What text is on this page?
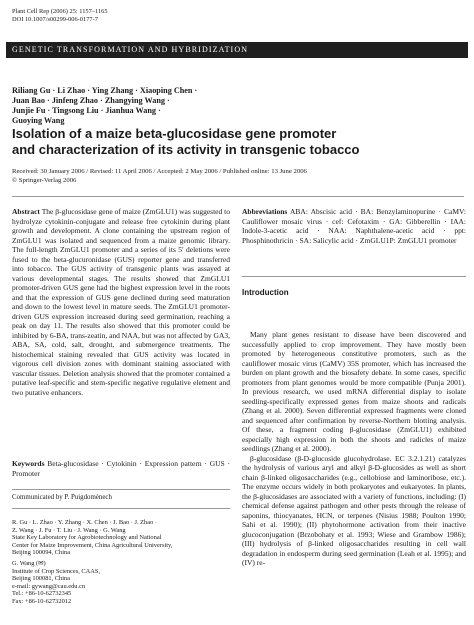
Plant Cell Rep (2006) 25: 1157–1165
DOI 10.1007/s00299-006-0177-7
GENETIC TRANSFORMATION AND HYBRIDIZATION
Riliang Gu · Li Zhao · Ying Zhang · Xiaoping Chen ·
Juan Bao · Jinfeng Zhao · Zhangying Wang ·
Junjie Fu · Tingsong Liu · Jianhua Wang ·
Guoying Wang
Isolation of a maize beta-glucosidase gene promoter
and characterization of its activity in transgenic tobacco
Received: 30 January 2006 / Revised: 11 April 2006 / Accepted: 2 May 2006 / Published online: 13 June 2006
© Springer-Verlag 2006
Abstract The β-glucosidase gene of maize (ZmGLU1) was suggested to hydrolyze cytokinin-conjugate and release free cytokinin during plant growth and development. A clone containing the upstream region of ZmGLU1 was isolated and sequenced from a maize genomic library. The full-length ZmGLU1 promoter and a series of its 5′ deletions were fused to the beta-glucuronidase (GUS) reporter gene and transferred into tobacco. The GUS activity of transgenic plants was assayed at various developmental stages. The results showed that ZmGLU1 promoter-driven GUS gene had the highest expression level in the roots and that the expression of GUS gene declined during seed maturation and down to the lowest level in mature seeds. The ZmGLU1 promoter-driven GUS expression increased during seed germination, reaching a peak on day 11. The results also showed that this promoter could be inhibited by 6-BA, trans-zeatin, and NAA, but was not affected by GA3, ABA, SA, cold, salt, drought, and submergence treatments. The histochemical staining revealed that GUS activity was located in vigorous cell division zones with dominant staining associated with vascular tissues. Deletion analysis showed that the promoter contained a putative leaf-specific and stem-specific negative regulative element and two putative enhancers.
Keywords Beta-glucosidase · Cytokinin · Expression pattern · GUS · Promoter
Communicated by P. Puigdomènech

R. Gu · L. Zhao · Y. Zhang · X. Chen · J. Bao · J. Zhao ·

Z. Wang · J. Fu · T. Liu · J. Wang · G. Wang

State Key Laboratory for Agrobiotechnology and National

Center for Maize Improvement, China Agricultural University,

Beijing 100094, China

G. Wang (✉)

Institute of Crop Sciences, CAAS,

Beijing 100081, China

e-mail: gywang@cau.edu.cn

Tel.: +86-10-62732345

Fax: +86-10-62732012

Abbreviations ABA: Abscisic acid · BA: Benzylaminopurine · CaMV: Cauliflower mosaic virus · cef: Cefotaxim · GA: Gibberellin · IAA: Indole-3-acetic acid · NAA: Naphthalene-acetic acid · ppt: Phosphinothricin · SA: Salicylic acid · ZmGLU1P: ZmGLU1 promoter
Introduction

Many plant genes resistant to disease have been discovered and successfully applied to crop improvement. They have mostly been promoted by heterogeneous constitutive promoters, such as the cauliflower mosaic virus (CaMV) 35S promoter, which has increased the burden on plant growth and the biosafety debate. In some cases, specific promoters from plant genomes would be more compatible (Punja 2001). In previous research, we used mRNA differential display to isolate seedling-specifically expressed genes from maize shoots and radicals (Zhang et al. 2000). Seven differential expressed fragments were cloned and sequenced after confirmation by reverse-Northern blotting analysis. Of these, a fragment coding β-glucosidase (ZmGLU1) exhibited especially high expression in both the shoots and radicles of maize seedlings (Zhang et al. 2000).

β-glucosidase (β-D-glucoside glucohydrolase. EC 3.2.1.21) catalyzes the hydrolysis of various aryl and alkyl β-D-glucosides as well as short chain β-linked oligosaccharides (e.g., cellobiose and laminoribose, etc.). The enzyme occurs widely in both prokaryotes and eukaryotes. In plants, the β-glucosidases are associated with a variety of functions, including: (I) chemical defense against pathogen and other pests through the release of saponins, thiocyanates, HCN, or terpenes (Nisius 1988; Poulton 1990; Sahi et al. 1990); (II) phytohormone activation from their inactive glucoconjugation (Brzobohaty et al. 1993; Wiese and Grambow 1986); (III) hydrolysis of β-linked oligosaccharides resulting in cell wall degradation in endosperm during seed germination (Leah et al. 1995); and (IV) re-
